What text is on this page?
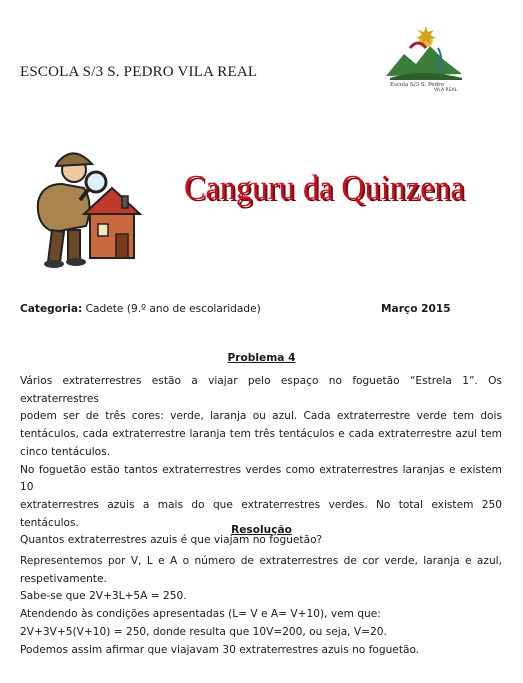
ESCOLA S/3 S. PEDRO VILA REAL
Escola S/3 S. Pedro
VILA REAL
Canguru da Quinzena
Categoria: Cadete (9.º ano de escolaridade)	Março 2015
Problema 4
Vários extraterrestres estão a viajar pelo espaço no foguetão “Estrela 1”. Os extraterrestres
podem ser de três cores: verde, laranja ou azul. Cada extraterrestre verde tem dois
tentáculos, cada extraterrestre laranja tem três tentáculos e cada extraterrestre azul tem
cinco tentáculos.
No foguetão estão tantos extraterrestres verdes como extraterrestres laranjas e existem 10
extraterrestres azuis a mais do que extraterrestres verdes. No total existem 250 tentáculos.
Quantos extraterrestres azuis é que viajam no foguetão?
Resolução
Representemos por V, L e A o número de extraterrestres de cor verde, laranja e azul,
respetivamente.
Sabe-se que 2V+3L+5A = 250.
Atendendo às condições apresentadas (L= V e A= V+10), vem que:
2V+3V+5(V+10) = 250, donde resulta que 10V=200, ou seja, V=20.
Podemos assim afirmar que viajavam 30 extraterrestres azuis no foguetão.
